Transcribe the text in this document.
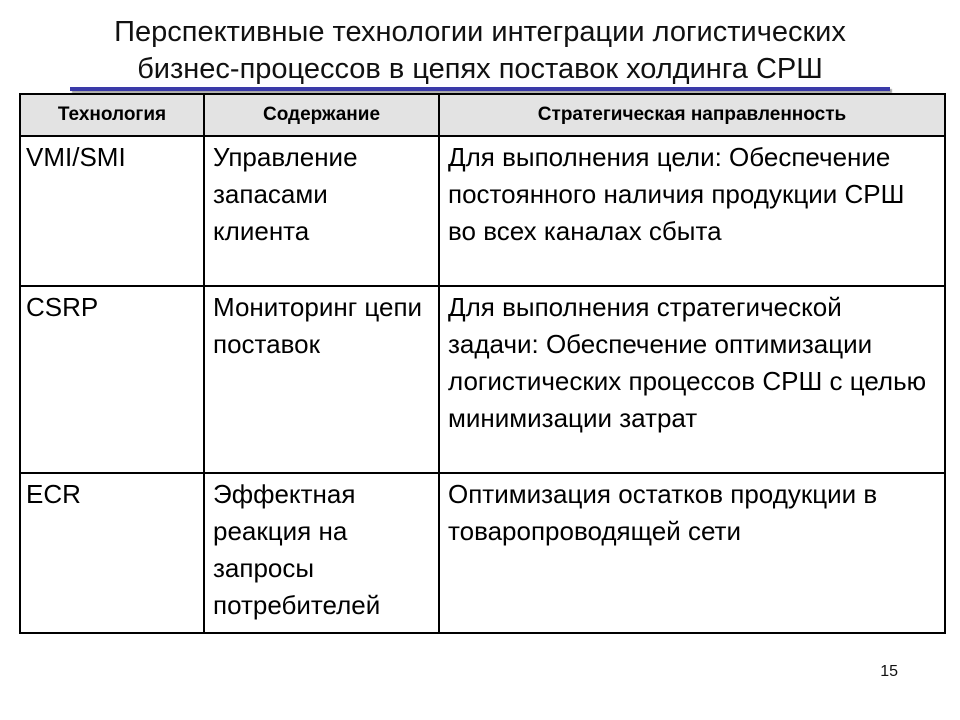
Перспективные технологии интеграции логистических
бизнес-процессов в цепях поставок холдинга СРШ
Технология	Содержание	Стратегическая направленность
VMI/SMI	Управление запасами клиента	Для выполнения цели: Обеспечение постоянного наличия продукции СРШ во всех каналах сбыта
CSRP	Мониторинг цепи поставок	Для выполнения стратегической задачи: Обеспечение оптимизации логистических процессов СРШ с целью минимизации затрат
ECR	Эффектная реакция на запросы потребителей	Оптимизация остатков продукции в товаропроводящей сети
15
